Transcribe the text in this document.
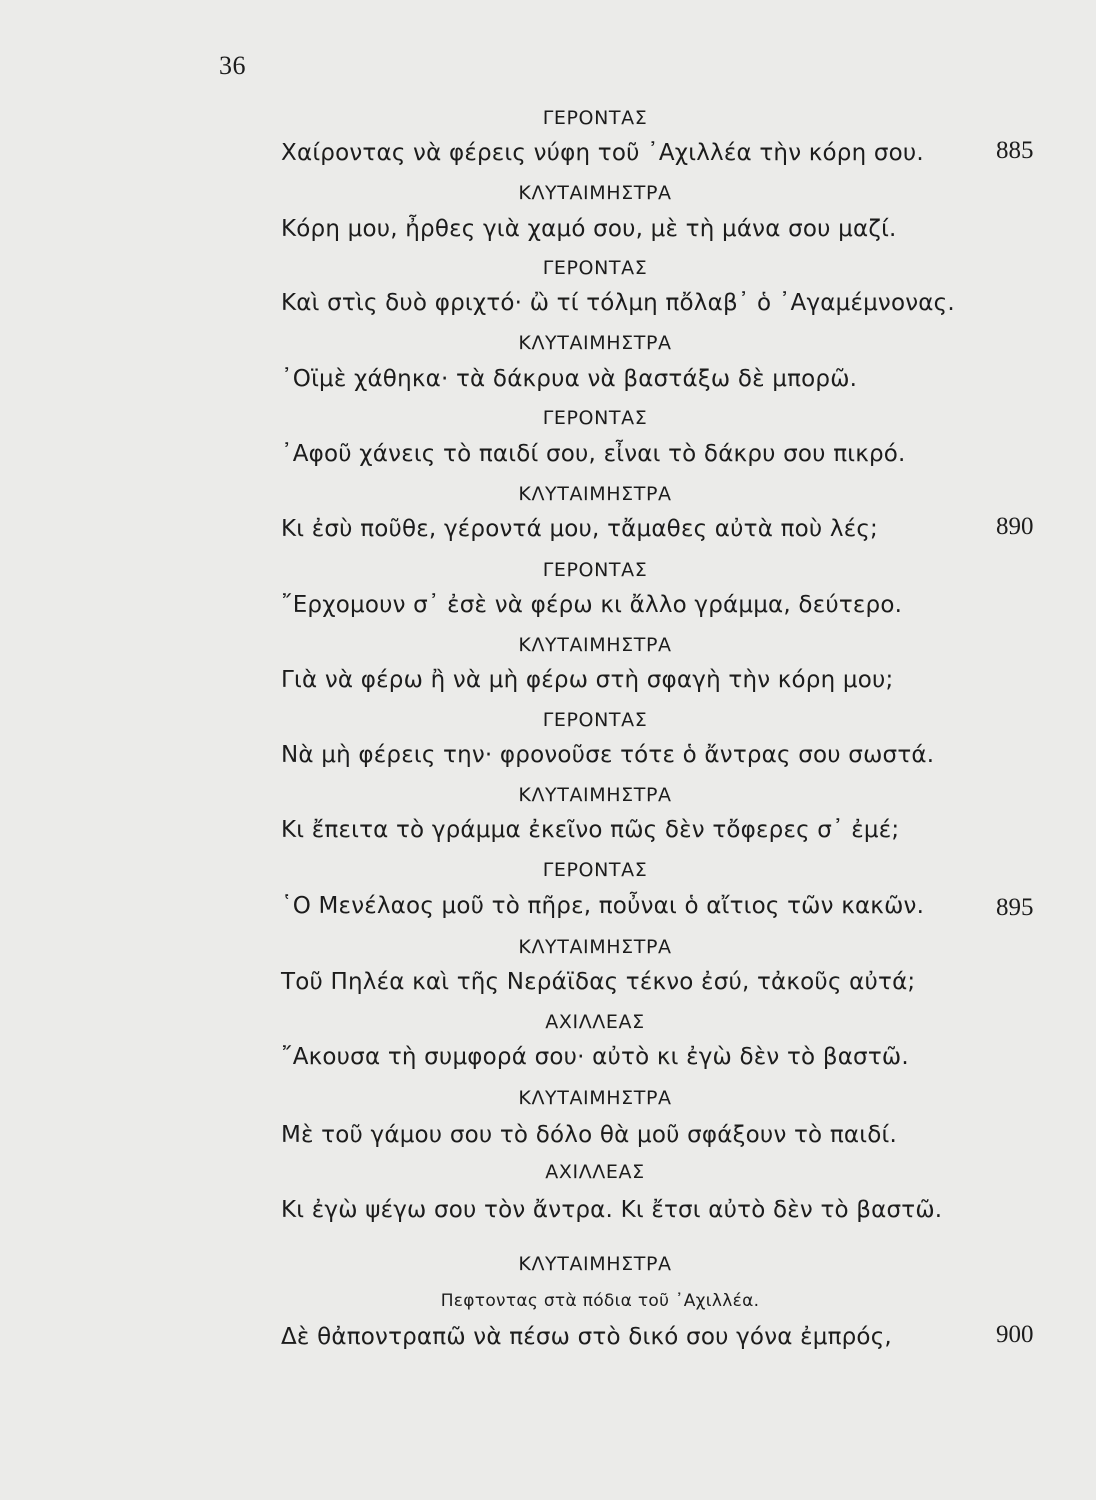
36
ΓΕΡΟΝΤΑΣ
Χαίροντας νὰ φέρεις νύφη τοῦ ᾿Αχιλλέα τὴν κόρη σου.	885
ΚΛΥΤΑΙΜΗΣΤΡΑ
Κόρη μου, ἦρθες γιὰ χαμό σου, μὲ τὴ μάνα σου μαζί.
ΓΕΡΟΝΤΑΣ
Καὶ στὶς δυὸ φριχτό· ὢ τί τόλμη πὄλαβ᾿ ὁ ᾿Αγαμέμνονας.
ΚΛΥΤΑΙΜΗΣΤΡΑ
᾿Οϊμὲ χάθηκα· τὰ δάκρυα νὰ βαστάξω δὲ μπορῶ.
ΓΕΡΟΝΤΑΣ
᾿Αφοῦ χάνεις τὸ παιδί σου, εἶναι τὸ δάκρυ σου πικρό.
ΚΛΥΤΑΙΜΗΣΤΡΑ
Κι ἐσὺ ποῦθε, γέροντά μου, τἄμαθες αὐτὰ ποὺ λές;	890
ΓΕΡΟΝΤΑΣ
῎Ερχομουν σ᾿ ἐσὲ νὰ φέρω κι ἄλλο γράμμα, δεύτερο.
ΚΛΥΤΑΙΜΗΣΤΡΑ
Γιὰ νὰ φέρω ἢ νὰ μὴ φέρω στὴ σφαγὴ τὴν κόρη μου;
ΓΕΡΟΝΤΑΣ
Νὰ μὴ φέρεις την· φρονοῦσε τότε ὁ ἄντρας σου σωστά.
ΚΛΥΤΑΙΜΗΣΤΡΑ
Κι ἔπειτα τὸ γράμμα ἐκεῖνο πῶς δὲν τὄφερες σ᾿ ἐμέ;
ΓΕΡΟΝΤΑΣ
῾Ο Μενέλαος μοῦ τὸ πῆρε, ποὖναι ὁ αἴτιος τῶν κακῶν.	895
ΚΛΥΤΑΙΜΗΣΤΡΑ
Τοῦ Πηλέα καὶ τῆς Νεράϊδας τέκνο ἐσύ, τἀκοῦς αὐτά;
ΑΧΙΛΛΕΑΣ
῎Ακουσα τὴ συμφορά σου· αὐτὸ κι ἐγὼ δὲν τὸ βαστῶ.
ΚΛΥΤΑΙΜΗΣΤΡΑ
Μὲ τοῦ γάμου σου τὸ δόλο θὰ μοῦ σφάξουν τὸ παιδί.
ΑΧΙΛΛΕΑΣ
Κι ἐγὼ ψέγω σου τὸν ἄντρα. Κι ἔτσι αὐτὸ δὲν τὸ βαστῶ.
ΚΛΥΤΑΙΜΗΣΤΡΑ
Πεφτοντας στὰ πόδια τοῦ ᾿Αχιλλέα.
Δὲ θἀποντραπῶ νὰ πέσω στὸ δικό σου γόνα ἐμπρός,	900
